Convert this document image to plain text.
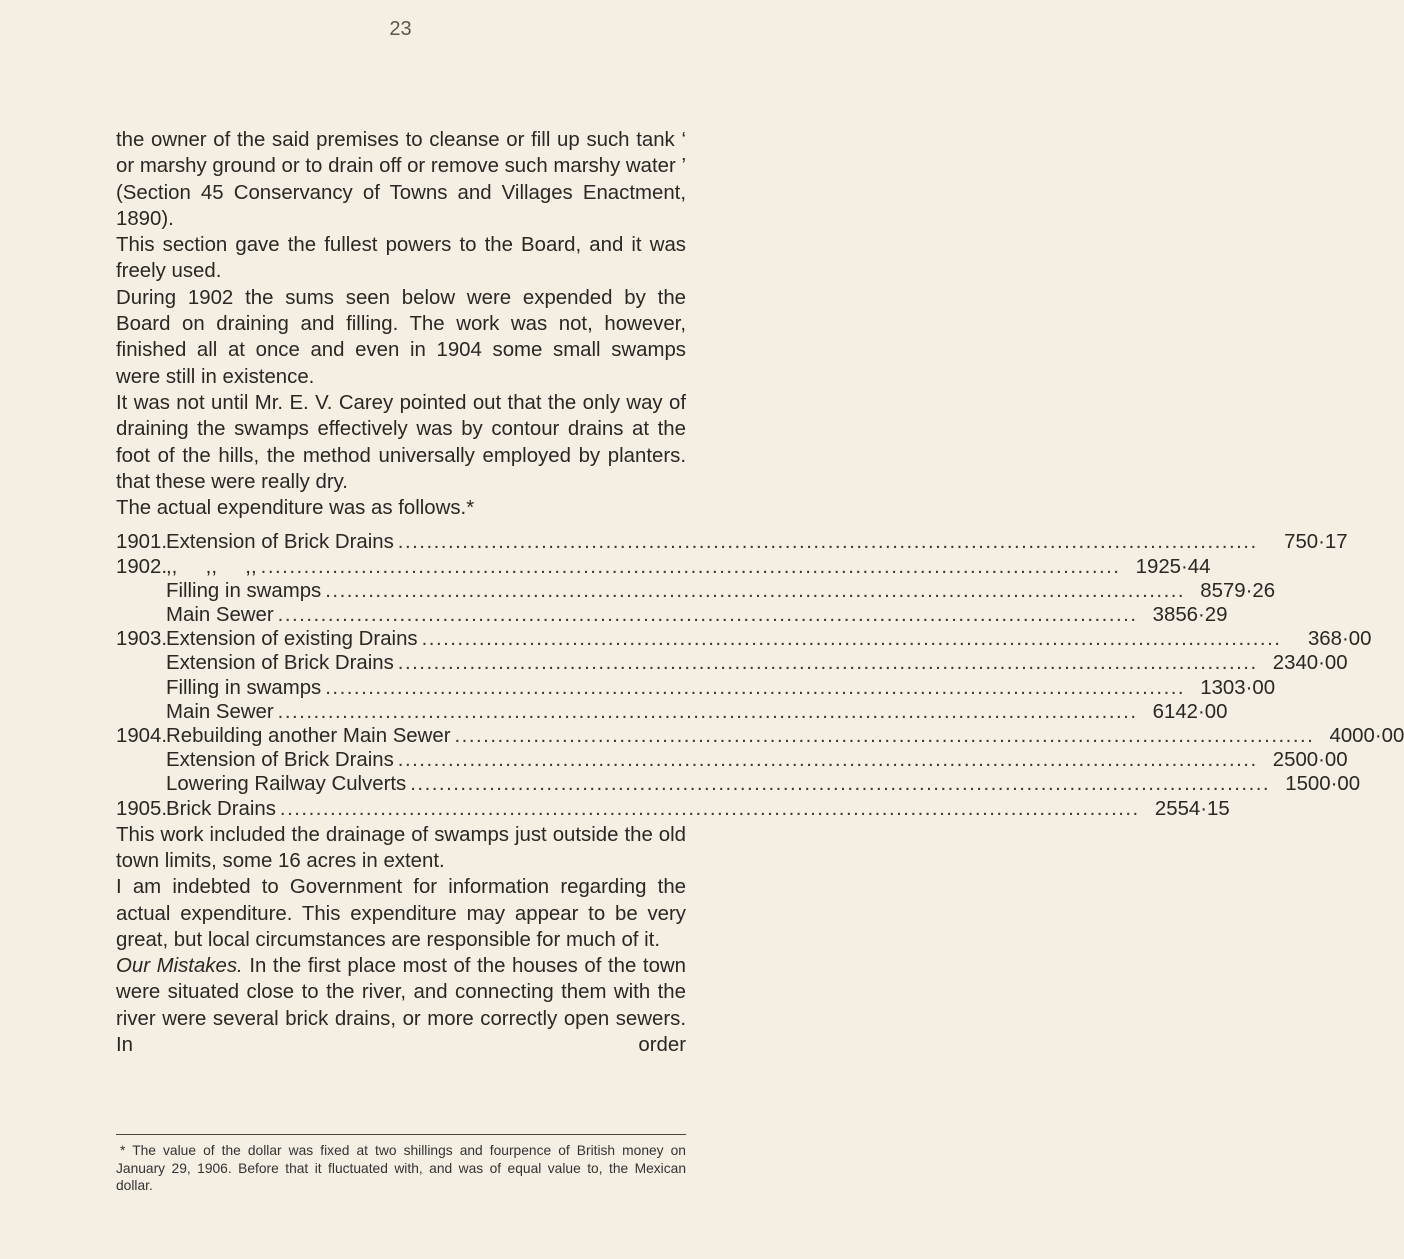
23

the owner of the said premises to cleanse or fill up such tank ‘ or marshy ground or to drain off or remove such marshy water ’ (Section 45 Conservancy of Towns and Villages Enactment, 1890).

This section gave the fullest powers to the Board, and it was freely used.

During 1902 the sums seen below were expended by the Board on draining and filling. The work was not, however, finished all at once and even in 1904 some small swamps were still in existence.

It was not until Mr. E. V. Carey pointed out that the only way of draining the swamps effectively was by contour drains at the foot of the hills, the method universally employed by planters. that these were really dry.

The actual expenditure was as follows.*

1901.
Extension of Brick Drains ........................................................................................................................	750·17
1902.
,,     ,,     ,, ........................................................................................................................ 1925·44
Filling in swamps ........................................................................................................................ 8579·26
Main Sewer ........................................................................................................................ 3856·29
1903.
Extension of existing Drains ........................................................................................................................	368·00
Extension of Brick Drains ........................................................................................................................ 2340·00
Filling in swamps ........................................................................................................................ 1303·00
Main Sewer ........................................................................................................................ 6142·00
1904.
Rebuilding another Main Sewer ........................................................................................................................ 4000·00
Extension of Brick Drains ........................................................................................................................ 2500·00
Lowering Railway Culverts ........................................................................................................................ 1500·00
1905.
Brick Drains ........................................................................................................................ 2554·15

This work included the drainage of swamps just outside the old town limits, some 16 acres in extent.

I am indebted to Government for information regarding the actual expenditure. This expenditure may appear to be very great, but local circumstances are responsible for much of it.

Our Mistakes. In the first place most of the houses of the town were situated close to the river, and connecting them with the river were several brick drains, or more correctly open sewers. In order

* The value of the dollar was fixed at two shillings and fourpence of British money on January 29, 1906. Before that it fluctuated with, and was of equal value to, the Mexican dollar.
